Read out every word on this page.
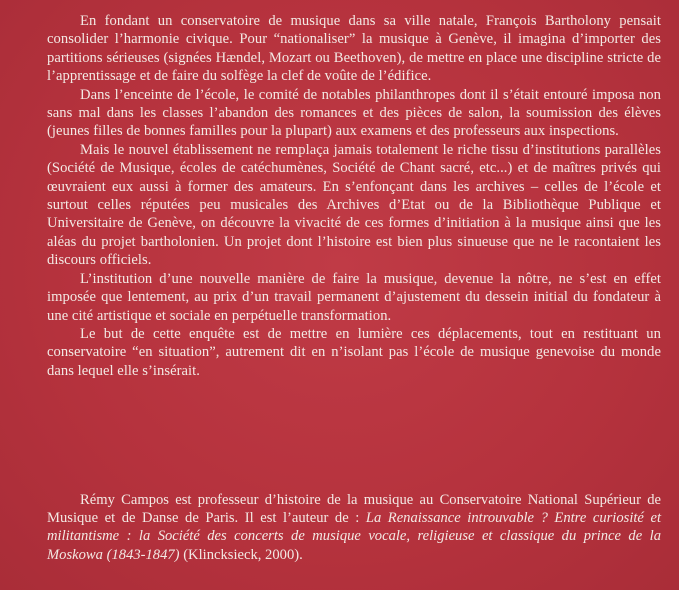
En fondant un conservatoire de musique dans sa ville natale, François Bartholony pensait consolider l’harmonie civique. Pour “nationaliser” la musique à Genève, il imagina d’importer des partitions sérieuses (signées Hændel, Mozart ou Beethoven), de mettre en place une discipline stricte de l’apprentissage et de faire du solfège la clef de voûte de l’édifice.

Dans l’enceinte de l’école, le comité de notables philanthropes dont il s’était entouré imposa non sans mal dans les classes l’abandon des romances et des pièces de salon, la soumission des élèves (jeunes filles de bonnes familles pour la plupart) aux examens et des professeurs aux inspections.

Mais le nouvel établissement ne remplaça jamais totalement le riche tissu d’institutions parallèles (Société de Musique, écoles de catéchumènes, Société de Chant sacré, etc...) et de maîtres privés qui œuvraient eux aussi à former des amateurs. En s’enfonçant dans les archives – celles de l’école et surtout celles réputées peu musicales des Archives d’Etat ou de la Bibliothèque Publique et Universitaire de Genève, on découvre la vivacité de ces formes d’initiation à la musique ainsi que les aléas du projet bartholonien. Un projet dont l’histoire est bien plus sinueuse que ne le racontaient les discours officiels.

L’institution d’une nouvelle manière de faire la musique, devenue la nôtre, ne s’est en effet imposée que lentement, au prix d’un travail permanent d’ajustement du dessein initial du fondateur à une cité artistique et sociale en perpétuelle transformation.

Le but de cette enquête est de mettre en lumière ces déplacements, tout en restituant un conservatoire “en situation”, autrement dit en n’isolant pas l’école de musique genevoise du monde dans lequel elle s’insérait.

Rémy Campos est professeur d’histoire de la musique au Conservatoire National Supérieur de Musique et de Danse de Paris. Il est l’auteur de : La Renaissance introuvable ? Entre curiosité et militantisme : la Société des concerts de musique vocale, religieuse et classique du prince de la Moskowa (1843-1847) (Klincksieck, 2000).
